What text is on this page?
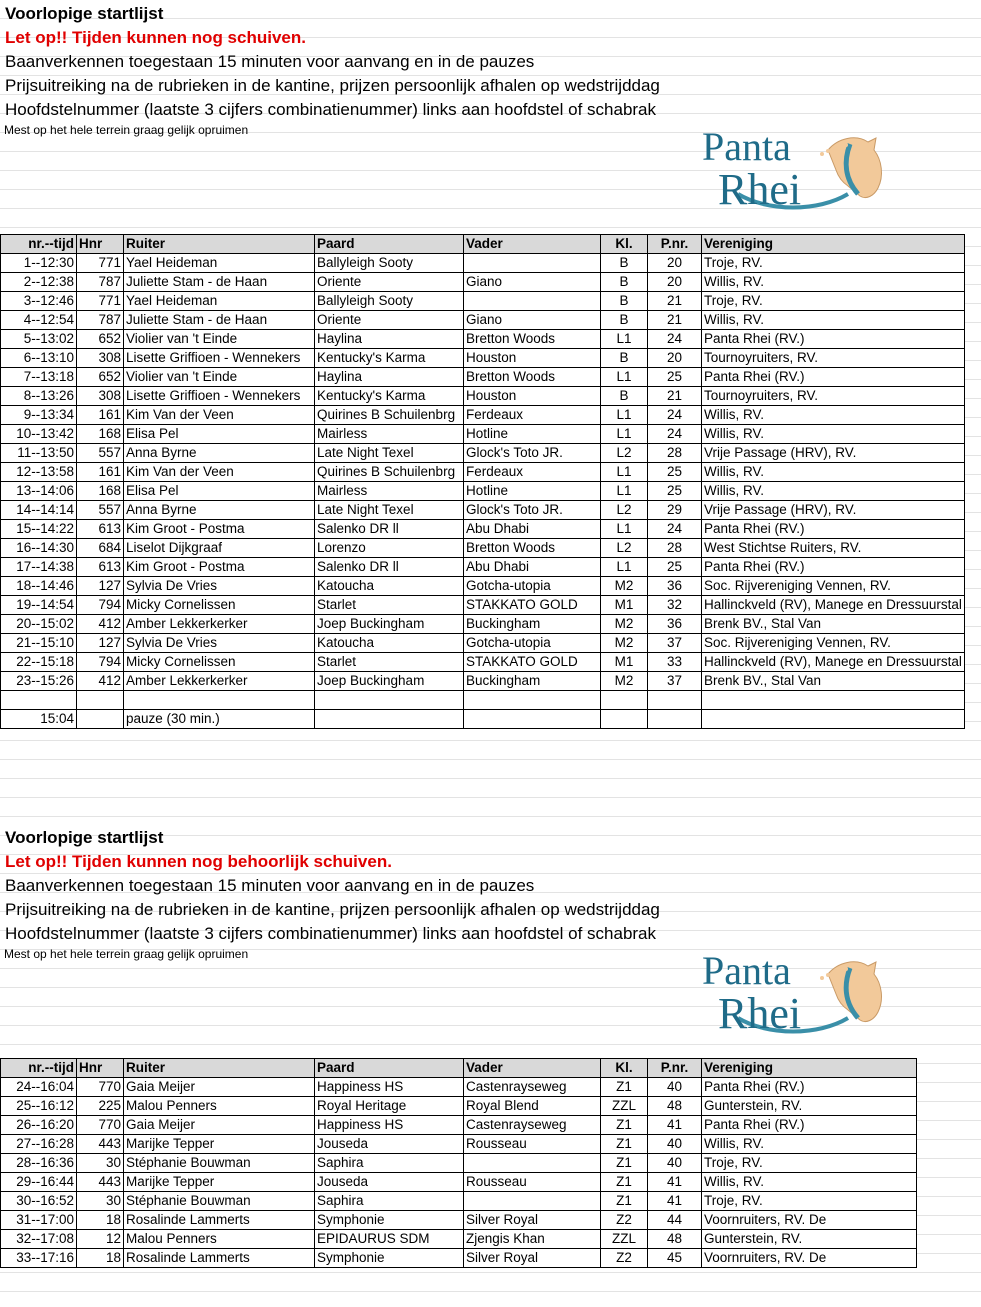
Voorlopige startlijst
Let op!! Tijden kunnen nog schuiven.
Baanverkennen toegestaan 15 minuten voor aanvang en in de pauzes
Prijsuitreiking na de rubrieken in de kantine, prijzen persoonlijk afhalen op wedstrijddag
Hoofdstelnummer (laatste 3 cijfers combinatienummer) links aan hoofdstel of schabrak
Mest op het hele terrein graag gelijk opruimen	Panta
Rhei
nr.--tijd	Hnr	Ruiter	Paard	Vader	Kl.	P.nr.	Vereniging
1--12:30	771	Yael Heideman	Ballyleigh Sooty		B	20	Troje, RV.
2--12:38	787	Juliette Stam - de Haan	Oriente	Giano	B	20	Willis, RV.
3--12:46	771	Yael Heideman	Ballyleigh Sooty		B	21	Troje, RV.
4--12:54	787	Juliette Stam - de Haan	Oriente	Giano	B	21	Willis, RV.
5--13:02	652	Violier van 't Einde	Haylina	Bretton Woods	L1	24	Panta Rhei (RV.)
6--13:10	308	Lisette Griffioen - Wennekers	Kentucky's Karma	Houston	B	20	Tournoyruiters, RV.
7--13:18	652	Violier van 't Einde	Haylina	Bretton Woods	L1	25	Panta Rhei (RV.)
8--13:26	308	Lisette Griffioen - Wennekers	Kentucky's Karma	Houston	B	21	Tournoyruiters, RV.
9--13:34	161	Kim Van der Veen	Quirines B Schuilenbrg	Ferdeaux	L1	24	Willis, RV.
10--13:42	168	Elisa Pel	Mairless	Hotline	L1	24	Willis, RV.
11--13:50	557	Anna Byrne	Late Night Texel	Glock's Toto JR.	L2	28	Vrije Passage (HRV), RV.
12--13:58	161	Kim Van der Veen	Quirines B Schuilenbrg	Ferdeaux	L1	25	Willis, RV.
13--14:06	168	Elisa Pel	Mairless	Hotline	L1	25	Willis, RV.
14--14:14	557	Anna Byrne	Late Night Texel	Glock's Toto JR.	L2	29	Vrije Passage (HRV), RV.
15--14:22	613	Kim Groot - Postma	Salenko DR ll	Abu Dhabi	L1	24	Panta Rhei (RV.)
16--14:30	684	Liselot Dijkgraaf	Lorenzo	Bretton Woods	L2	28	West Stichtse Ruiters, RV.
17--14:38	613	Kim Groot - Postma	Salenko DR ll	Abu Dhabi	L1	25	Panta Rhei (RV.)
18--14:46	127	Sylvia De Vries	Katoucha	Gotcha-utopia	M2	36	Soc. Rijvereniging Vennen, RV.
19--14:54	794	Micky Cornelissen	Starlet	STAKKATO GOLD	M1	32	Hallinckveld (RV), Manege en Dressuurstal
20--15:02	412	Amber Lekkerkerker	Joep Buckingham	Buckingham	M2	36	Brenk BV., Stal Van
21--15:10	127	Sylvia De Vries	Katoucha	Gotcha-utopia	M2	37	Soc. Rijvereniging Vennen, RV.
22--15:18	794	Micky Cornelissen	Starlet	STAKKATO GOLD	M1	33	Hallinckveld (RV), Manege en Dressuurstal
23--15:26	412	Amber Lekkerkerker	Joep Buckingham	Buckingham	M2	37	Brenk BV., Stal Van

15:04		pauze (30 min.)					
Voorlopige startlijst
Let op!! Tijden kunnen nog behoorlijk schuiven.
Baanverkennen toegestaan 15 minuten voor aanvang en in de pauzes
Prijsuitreiking na de rubrieken in de kantine, prijzen persoonlijk afhalen op wedstrijddag
Hoofdstelnummer (laatste 3 cijfers combinatienummer) links aan hoofdstel of schabrak
Mest op het hele terrein graag gelijk opruimen	Panta
Rhei
nr.--tijd	Hnr	Ruiter	Paard	Vader	Kl.	P.nr.	Vereniging
24--16:04	770	Gaia Meijer	Happiness HS	Castenrayseweg	Z1	40	Panta Rhei (RV.)
25--16:12	225	Malou Penners	Royal Heritage	Royal Blend	ZZL	48	Gunterstein, RV.
26--16:20	770	Gaia Meijer	Happiness HS	Castenrayseweg	Z1	41	Panta Rhei (RV.)
27--16:28	443	Marijke Tepper	Jouseda	Rousseau	Z1	40	Willis, RV.
28--16:36	30	Stéphanie Bouwman	Saphira		Z1	40	Troje, RV.
29--16:44	443	Marijke Tepper	Jouseda	Rousseau	Z1	41	Willis, RV.
30--16:52	30	Stéphanie Bouwman	Saphira		Z1	41	Troje, RV.
31--17:00	18	Rosalinde Lammerts	Symphonie	Silver Royal	Z2	44	Voornruiters, RV. De
32--17:08	12	Malou Penners	EPIDAURUS SDM	Zjengis Khan	ZZL	48	Gunterstein, RV.
33--17:16	18	Rosalinde Lammerts	Symphonie	Silver Royal	Z2	45	Voornruiters, RV. De
